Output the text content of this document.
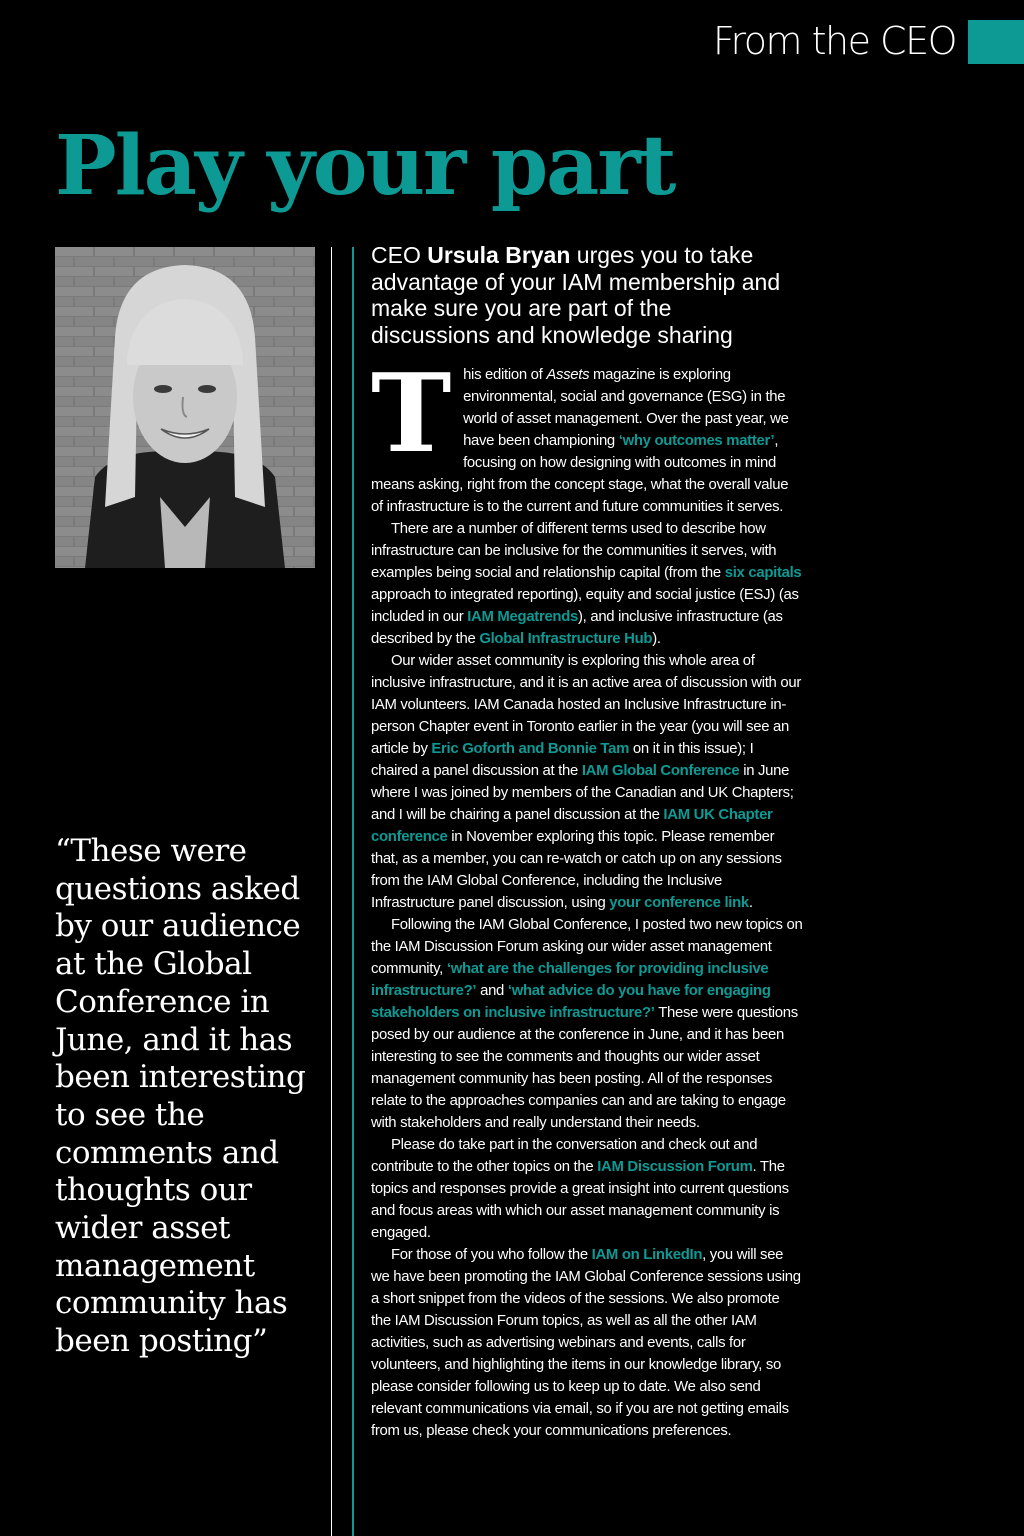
From the CEO
Play your part
“These were questions asked by our audience at the Global Conference in June, and it has been interesting to see the comments and thoughts our wider asset management community has been posting”
CEO Ursula Bryan urges you to take advantage of your IAM membership and make sure you are part of the discussions and knowledge sharing

This edition of Assets magazine is exploring environmental, social and governance (ESG) in the world of asset management. Over the past year, we have been championing ‘why outcomes matter’, focusing on how designing with outcomes in mind means asking, right from the concept stage, what the overall value of infrastructure is to the current and future communities it serves.

There are a number of different terms used to describe how infrastructure can be inclusive for the communities it serves, with examples being social and relationship capital (from the six capitals approach to integrated reporting), equity and social justice (ESJ) (as included in our IAM Megatrends), and inclusive infrastructure (as described by the Global Infrastructure Hub).

Our wider asset community is exploring this whole area of inclusive infrastructure, and it is an active area of discussion with our IAM volunteers. IAM Canada hosted an Inclusive Infrastructure in-person Chapter event in Toronto earlier in the year (you will see an article by Eric Goforth and Bonnie Tam on it in this issue); I chaired a panel discussion at the IAM Global Conference in June where I was joined by members of the Canadian and UK Chapters; and I will be chairing a panel discussion at the IAM UK Chapter conference in November exploring this topic. Please remember that, as a member, you can re-watch or catch up on any sessions from the IAM Global Conference, including the Inclusive Infrastructure panel discussion, using your conference link.

Following the IAM Global Conference, I posted two new topics on the IAM Discussion Forum asking our wider asset management community, ‘what are the challenges for providing inclusive infrastructure?’ and ‘what advice do you have for engaging stakeholders on inclusive infrastructure?’ These were questions posed by our audience at the conference in June, and it has been interesting to see the comments and thoughts our wider asset management community has been posting. All of the responses relate to the approaches companies can and are taking to engage with stakeholders and really understand their needs.

Please do take part in the conversation and check out and contribute to the other topics on the IAM Discussion Forum. The topics and responses provide a great insight into current questions and focus areas with which our asset management community is engaged.

For those of you who follow the IAM on LinkedIn, you will see we have been promoting the IAM Global Conference sessions using a short snippet from the videos of the sessions. We also promote the IAM Discussion Forum topics, as well as all the other IAM activities, such as advertising webinars and events, calls for volunteers, and highlighting the items in our knowledge library, so please consider following us to keep up to date. We also send relevant communications via email, so if you are not getting emails from us, please check your communications preferences.
